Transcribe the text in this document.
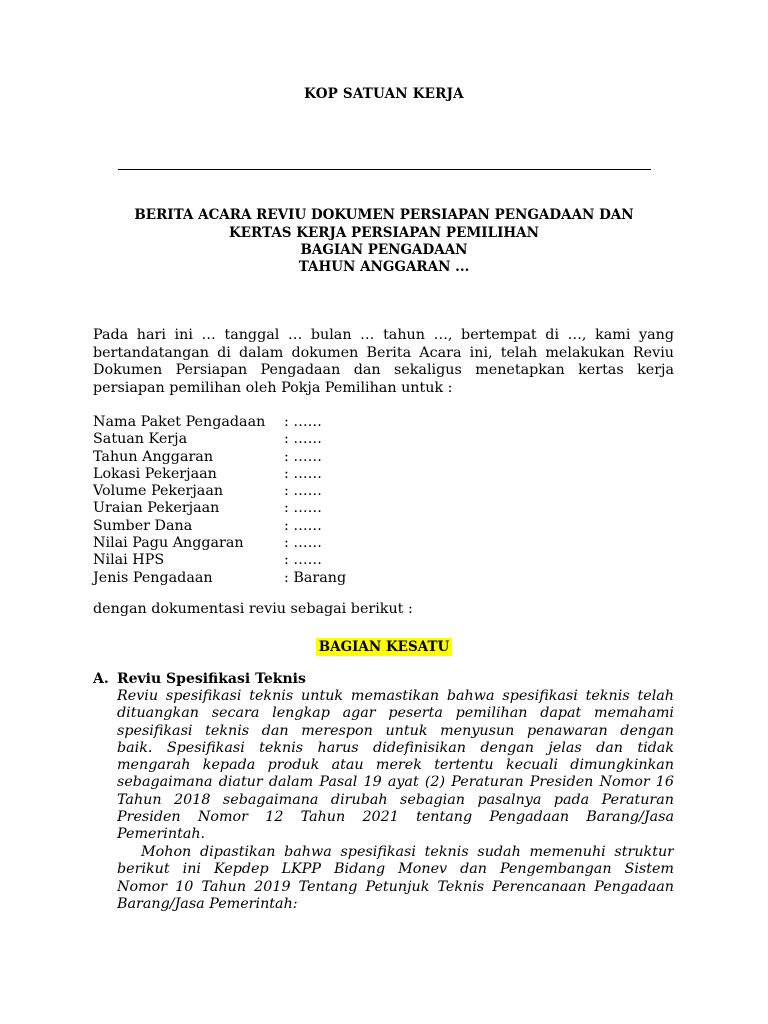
KOP SATUAN KERJA
BERITA ACARA REVIU DOKUMEN PERSIAPAN PENGADAAN DAN
KERTAS KERJA PERSIAPAN PEMILIHAN
BAGIAN PENGADAAN
TAHUN ANGGARAN ...
Pada hari ini … tanggal … bulan … tahun …, bertempat di …, kami yang
bertandatangan di dalam dokumen Berita Acara ini, telah melakukan Reviu
Dokumen Persiapan Pengadaan dan sekaligus menetapkan kertas kerja
persiapan pemilihan oleh Pokja Pemilihan untuk :
Nama Paket Pengadaan : ……
Satuan Kerja	: ……
Tahun Anggaran	: ……
Lokasi Pekerjaan	: ……
Volume Pekerjaan	: ……
Uraian Pekerjaan	: ……
Sumber Dana	: ……
Nilai Pagu Anggaran	: ……
Nilai HPS	: ……
Jenis Pengadaan	: Barang
dengan dokumentasi reviu sebagai berikut :
BAGIAN KESATU
A. Reviu Spesifikasi Teknis
Reviu spesifikasi teknis untuk memastikan bahwa spesifikasi teknis telah
dituangkan secara lengkap agar peserta pemilihan dapat memahami
spesifikasi teknis dan merespon untuk menyusun penawaran dengan
baik. Spesifikasi teknis harus didefinisikan dengan jelas dan tidak
mengarah kepada produk atau merek tertentu kecuali dimungkinkan
sebagaimana diatur dalam Pasal 19 ayat (2) Peraturan Presiden Nomor 16
Tahun 2018 sebagaimana dirubah sebagian pasalnya pada Peraturan
Presiden Nomor 12 Tahun 2021 tentang Pengadaan Barang/Jasa
Pemerintah.
Mohon dipastikan bahwa spesifikasi teknis sudah memenuhi struktur
berikut ini Kepdep LKPP Bidang Monev dan Pengembangan Sistem
Nomor 10 Tahun 2019 Tentang Petunjuk Teknis Perencanaan Pengadaan
Barang/Jasa Pemerintah:
